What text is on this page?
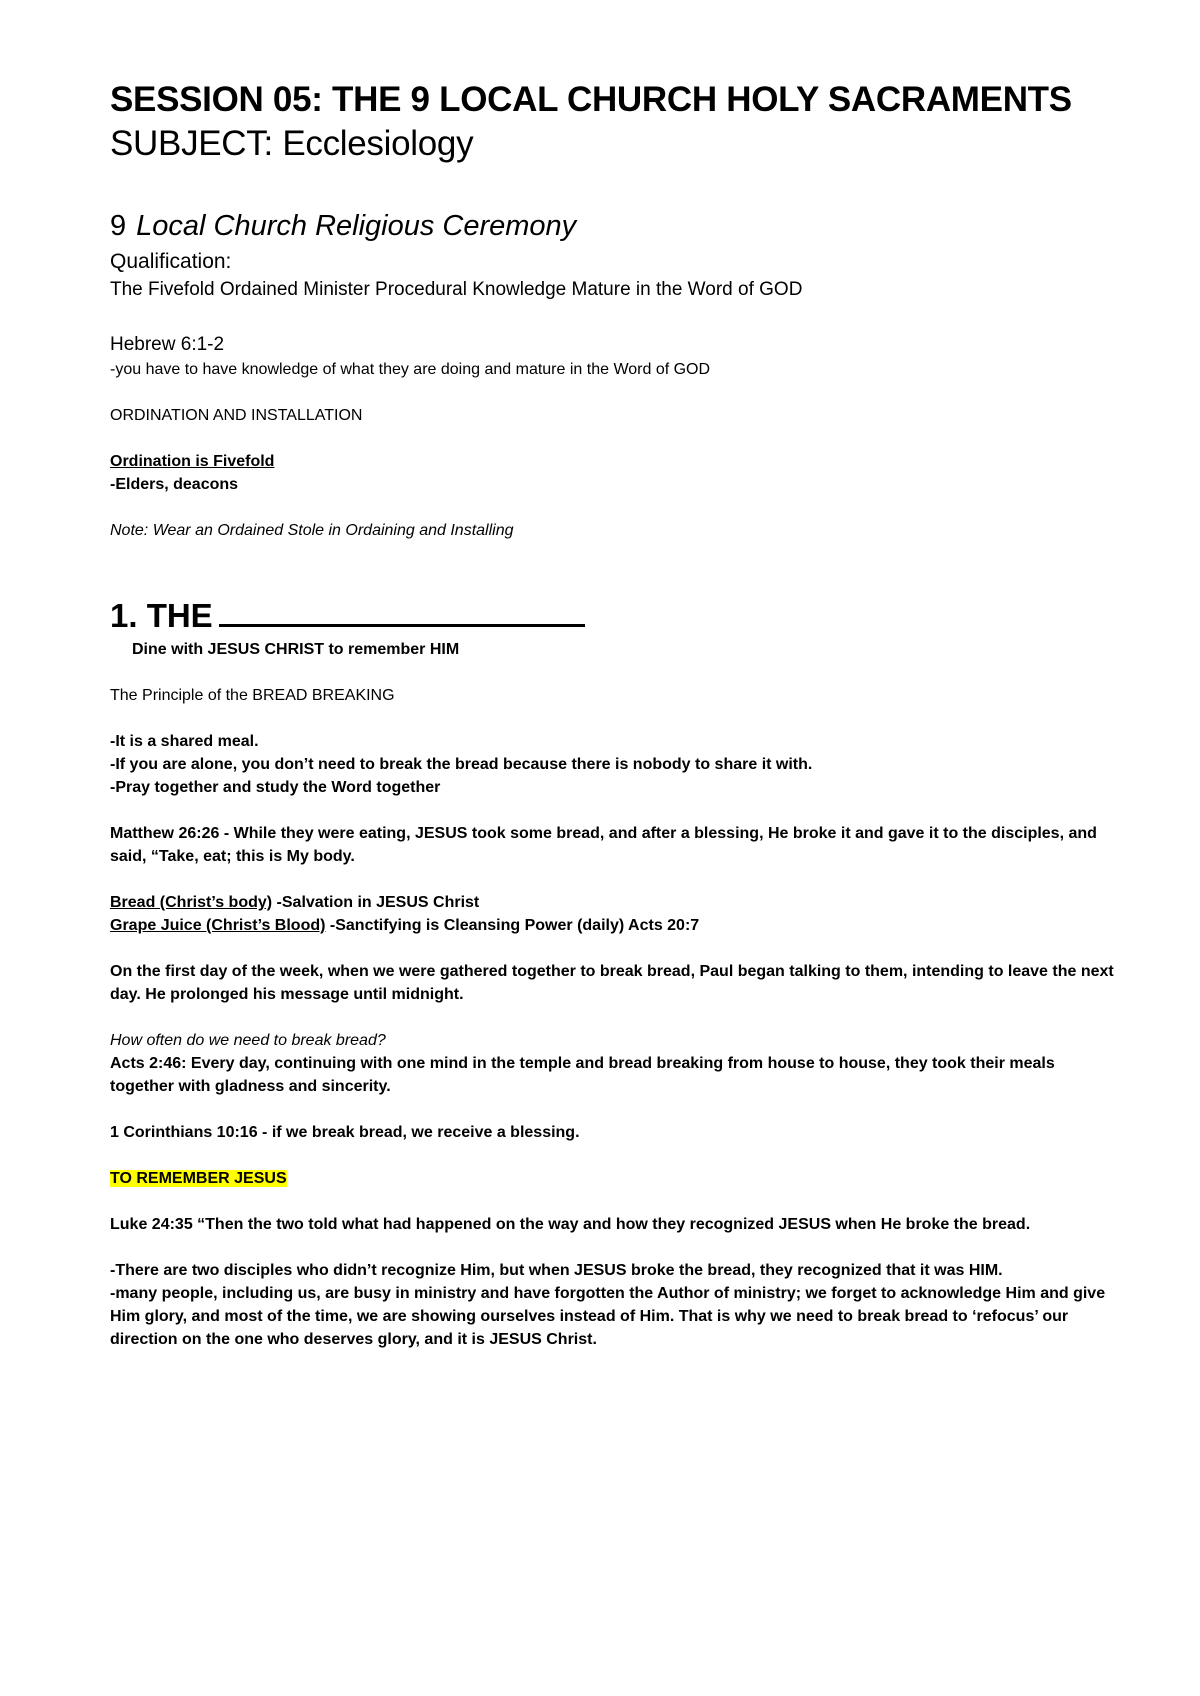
SESSION 05: THE 9 LOCAL CHURCH HOLY SACRAMENTS
SUBJECT: Ecclesiology
9 Local Church Religious Ceremony
Qualification:
The Fivefold Ordained Minister Procedural Knowledge Mature in the Word of GOD
Hebrew 6:1-2

-you have to have knowledge of what they are doing and mature in the Word of GOD

ORDINATION AND INSTALLATION

Ordination is Fivefold

-Elders, deacons

Note: Wear an Ordained Stole in Ordaining and Installing

1. THE
Dine with JESUS CHRIST to remember HIM

The Principle of the BREAD BREAKING

-It is a shared meal.

-If you are alone, you don’t need to break the bread because there is nobody to share it with.

-Pray together and study the Word together

Matthew 26:26 - While they were eating, JESUS took some bread, and after a blessing, He broke it and gave it to the disciples, and said, “Take, eat; this is My body.

Bread (Christ’s body) -Salvation in JESUS Christ

Grape Juice (Christ’s Blood) -Sanctifying is Cleansing Power (daily) Acts 20:7

On the first day of the week, when we were gathered together to break bread, Paul began talking to them, intending to leave the next day. He prolonged his message until midnight.

How often do we need to break bread?

Acts 2:46: Every day, continuing with one mind in the temple and bread breaking from house to house, they took their meals together with gladness and sincerity.

1 Corinthians 10:16 - if we break bread, we receive a blessing.

TO REMEMBER JESUS

Luke 24:35 “Then the two told what had happened on the way and how they recognized JESUS when He broke the bread.

-There are two disciples who didn’t recognize Him, but when JESUS broke the bread, they recognized that it was HIM.

-many people, including us, are busy in ministry and have forgotten the Author of ministry; we forget to acknowledge Him and give Him glory, and most of the time, we are showing ourselves instead of Him. That is why we need to break bread to ‘refocus’ our direction on the one who deserves glory, and it is JESUS Christ.
